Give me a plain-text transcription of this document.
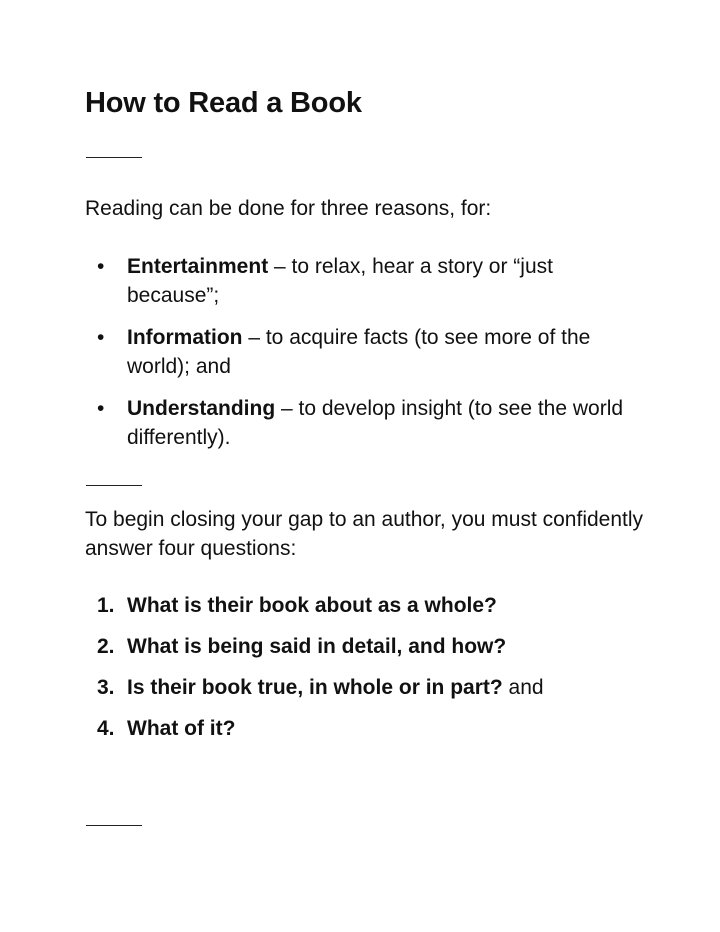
How to Read a Book

Reading can be done for three reasons, for:

• Entertainment – to relax, hear a story or “just because”;
• Information – to acquire facts (to see more of the world); and
• Understanding – to develop insight (to see the world differently).

To begin closing your gap to an author, you must confidently answer four questions:

1. What is their book about as a whole?
2. What is being said in detail, and how?
3. Is their book true, in whole or in part? and
4. What of it?
